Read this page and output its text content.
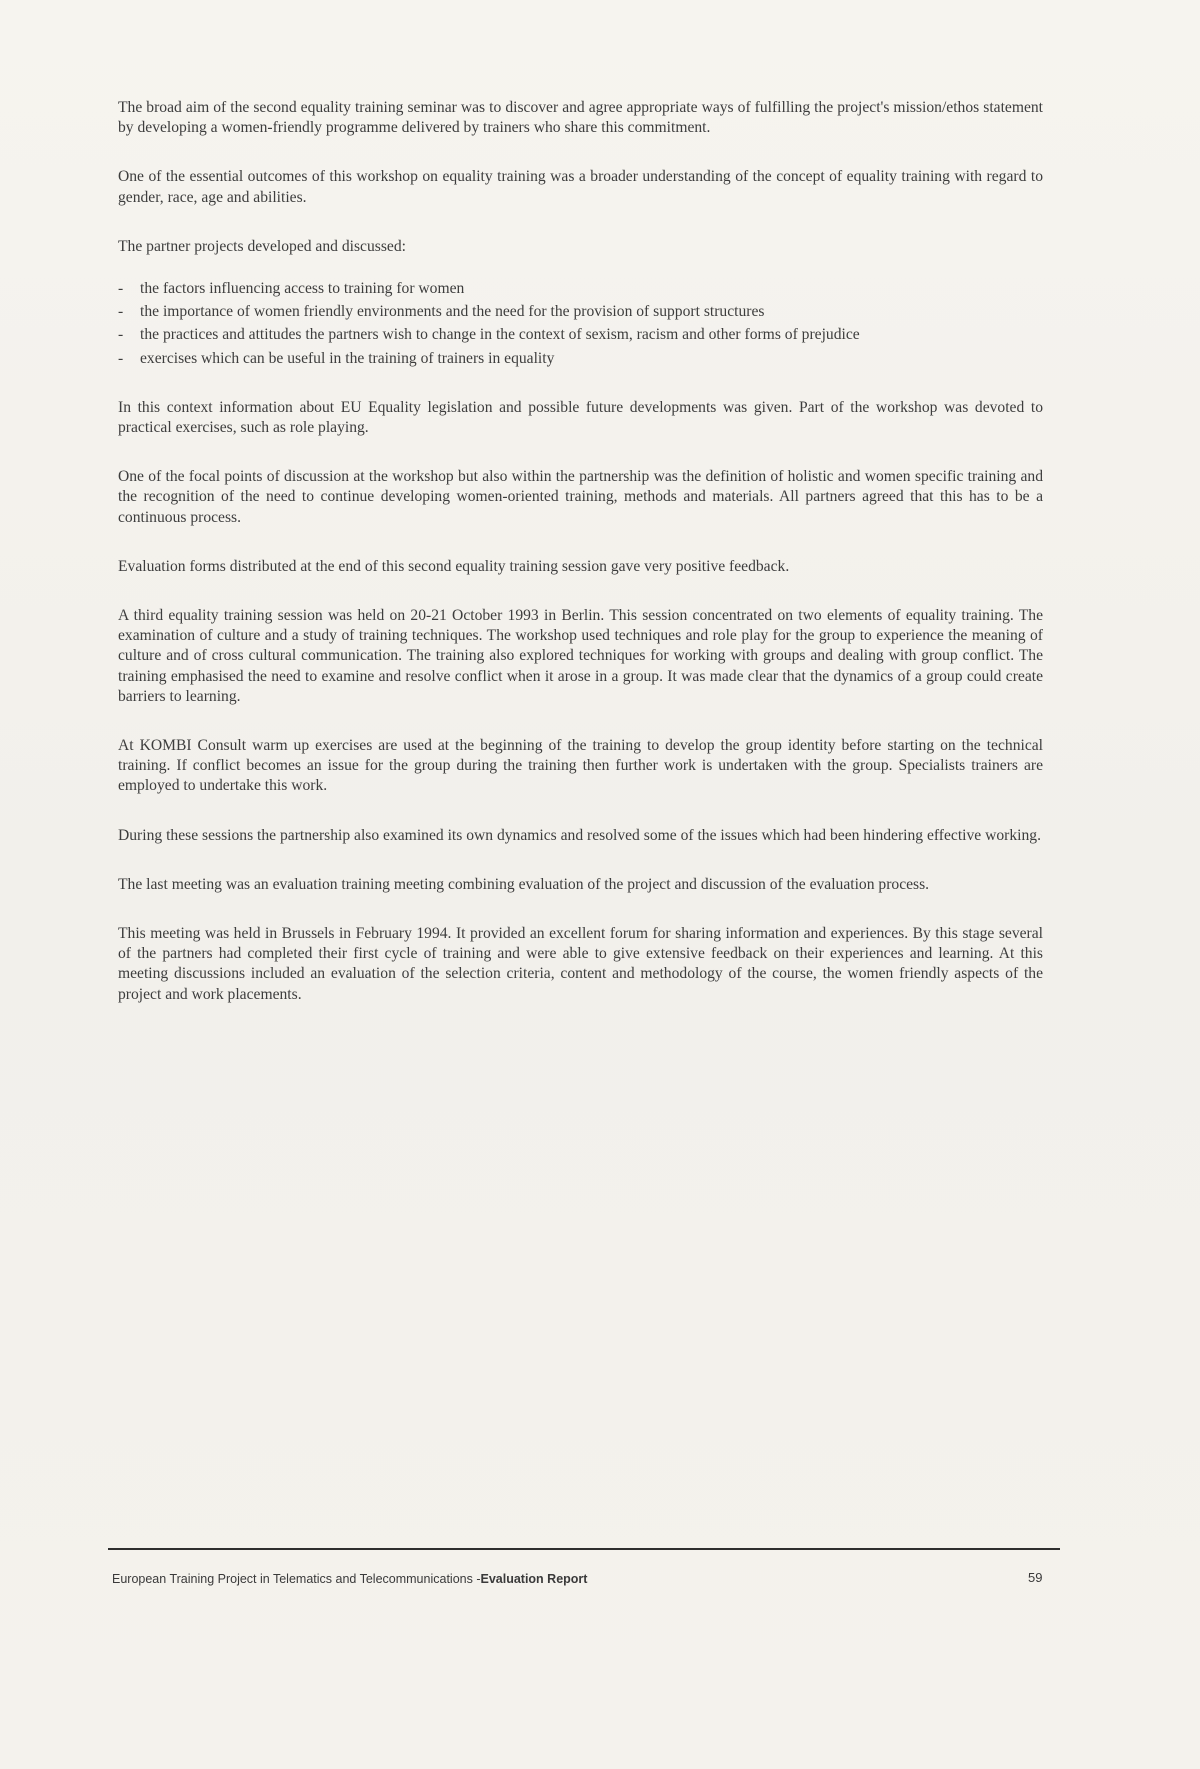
The broad aim of the second equality training seminar was to discover and agree appropriate ways of fulfilling the project's mission/ethos statement by developing a women-friendly programme delivered by trainers who share this commitment.

One of the essential outcomes of this workshop on equality training was a broader understanding of the concept of equality training with regard to gender, race, age and abilities.

The partner projects developed and discussed:

- the factors influencing access to training for women
- the importance of women friendly environments and the need for the provision of support structures
- the practices and attitudes the partners wish to change in the context of sexism, racism and other forms of prejudice
- exercises which can be useful in the training of trainers in equality

In this context information about EU Equality legislation and possible future developments was given. Part of the workshop was devoted to practical exercises, such as role playing.

One of the focal points of discussion at the workshop but also within the partnership was the definition of holistic and women specific training and the recognition of the need to continue developing women-oriented training, methods and materials. All partners agreed that this has to be a continuous process.

Evaluation forms distributed at the end of this second equality training session gave very positive feedback.

A third equality training session was held on 20-21 October 1993 in Berlin. This session concentrated on two elements of equality training. The examination of culture and a study of training techniques. The workshop used techniques and role play for the group to experience the meaning of culture and of cross cultural communication. The training also explored techniques for working with groups and dealing with group conflict. The training emphasised the need to examine and resolve conflict when it arose in a group. It was made clear that the dynamics of a group could create barriers to learning.

At KOMBI Consult warm up exercises are used at the beginning of the training to develop the group identity before starting on the technical training. If conflict becomes an issue for the group during the training then further work is undertaken with the group. Specialists trainers are employed to undertake this work.

During these sessions the partnership also examined its own dynamics and resolved some of the issues which had been hindering effective working.

The last meeting was an evaluation training meeting combining evaluation of the project and discussion of the evaluation process.

This meeting was held in Brussels in February 1994. It provided an excellent forum for sharing information and experiences. By this stage several of the partners had completed their first cycle of training and were able to give extensive feedback on their experiences and learning. At this meeting discussions included an evaluation of the selection criteria, content and methodology of the course, the women friendly aspects of the project and work placements.

European Training Project in Telematics and Telecommunications -Evaluation Report	59
